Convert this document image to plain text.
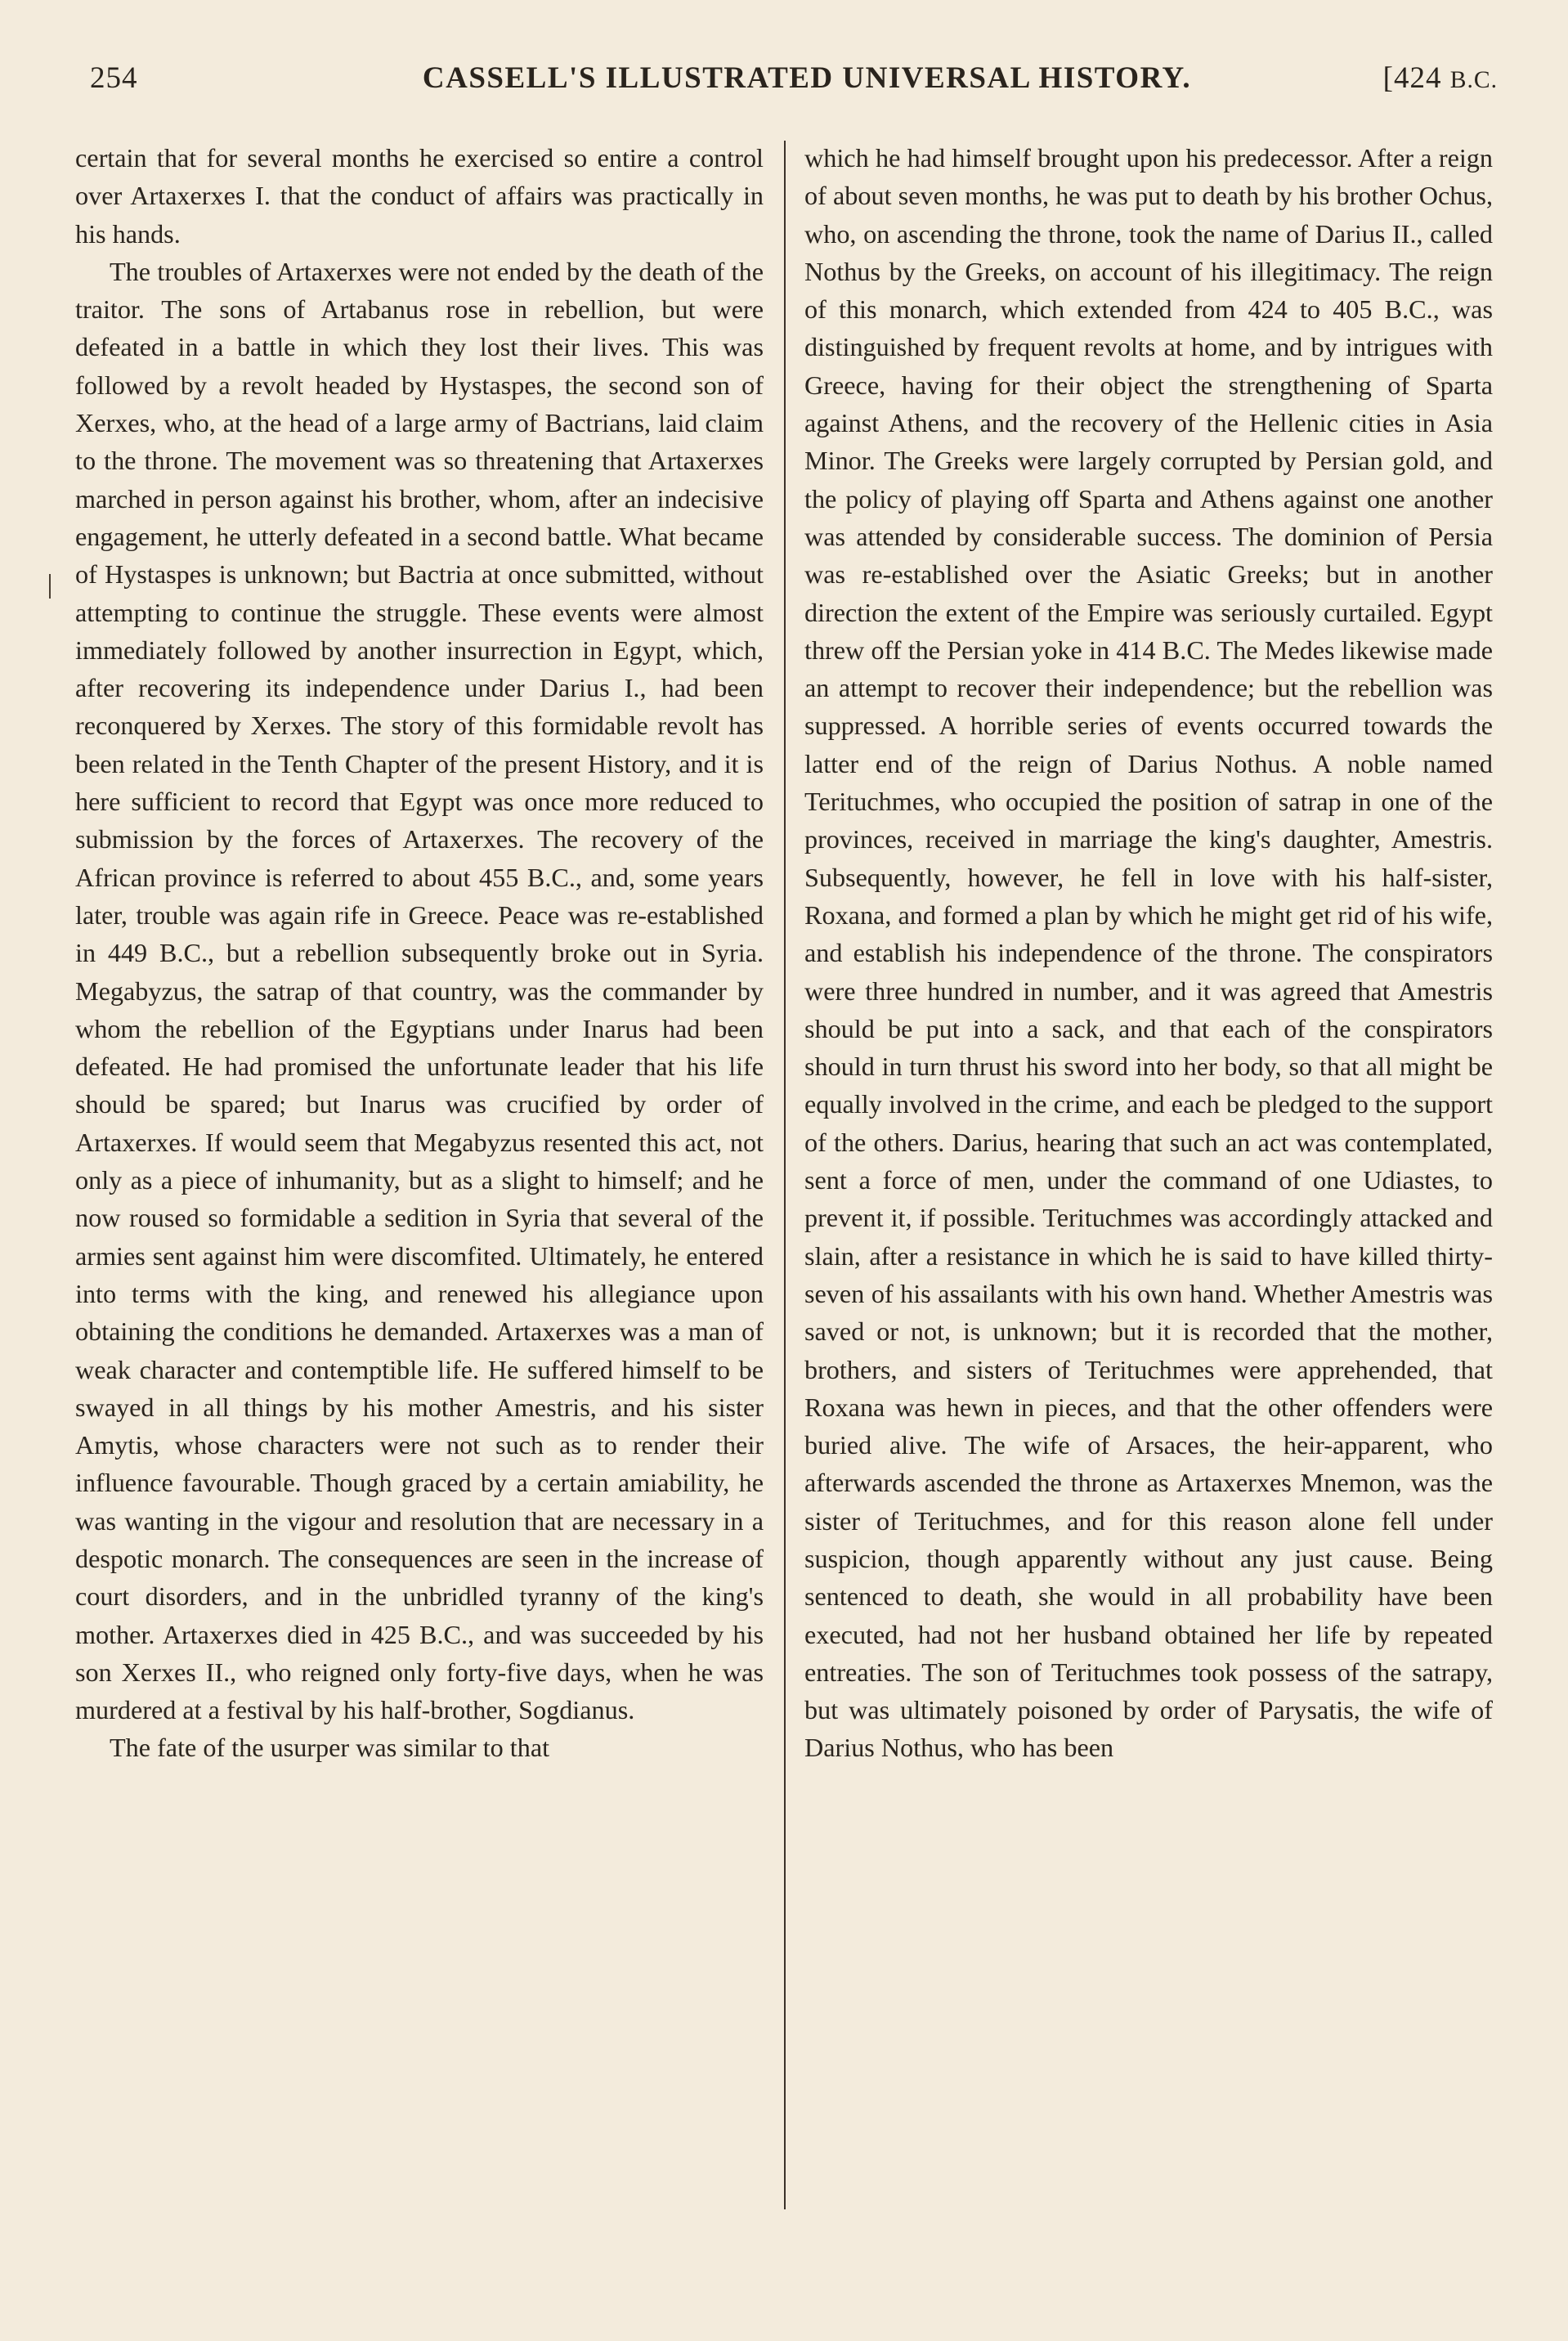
254	CASSELL'S ILLUSTRATED UNIVERSAL HISTORY.	[424 B.C.

certain that for several months he exercised so entire a control over Artaxerxes I. that the conduct of affairs was practically in his hands.

The troubles of Artaxerxes were not ended by the death of the traitor. The sons of Artabanus rose in rebellion, but were defeated in a battle in which they lost their lives. This was followed by a revolt headed by Hystaspes, the second son of Xerxes, who, at the head of a large army of Bactrians, laid claim to the throne. The movement was so threatening that Artaxerxes marched in person against his brother, whom, after an indecisive engagement, he utterly defeated in a second battle. What became of Hystaspes is unknown; but Bactria at once submitted, without attempting to continue the struggle. These events were almost immediately followed by another insurrection in Egypt, which, after recovering its independence under Darius I., had been reconquered by Xerxes. The story of this formidable revolt has been related in the Tenth Chapter of the present History, and it is here sufficient to record that Egypt was once more reduced to submission by the forces of Artaxerxes. The recovery of the African province is referred to about 455 B.C., and, some years later, trouble was again rife in Greece. Peace was re-established in 449 B.C., but a rebellion subsequently broke out in Syria. Megabyzus, the satrap of that country, was the commander by whom the rebellion of the Egyptians under Inarus had been defeated. He had promised the unfortunate leader that his life should be spared; but Inarus was crucified by order of Artaxerxes. If would seem that Megabyzus resented this act, not only as a piece of inhumanity, but as a slight to himself; and he now roused so formidable a sedition in Syria that several of the armies sent against him were discomfited. Ultimately, he entered into terms with the king, and renewed his allegiance upon obtaining the conditions he demanded. Artaxerxes was a man of weak character and contemptible life. He suffered himself to be swayed in all things by his mother Amestris, and his sister Amytis, whose characters were not such as to render their influence favourable. Though graced by a certain amiability, he was wanting in the vigour and resolution that are necessary in a despotic monarch. The consequences are seen in the increase of court disorders, and in the unbridled tyranny of the king's mother. Artaxerxes died in 425 B.C., and was succeeded by his son Xerxes II., who reigned only forty-five days, when he was murdered at a festival by his half-brother, Sogdianus.

The fate of the usurper was similar to that

which he had himself brought upon his predecessor. After a reign of about seven months, he was put to death by his brother Ochus, who, on ascending the throne, took the name of Darius II., called Nothus by the Greeks, on account of his illegitimacy. The reign of this monarch, which extended from 424 to 405 B.C., was distinguished by frequent revolts at home, and by intrigues with Greece, having for their object the strengthening of Sparta against Athens, and the recovery of the Hellenic cities in Asia Minor. The Greeks were largely corrupted by Persian gold, and the policy of playing off Sparta and Athens against one another was attended by considerable success. The dominion of Persia was re-established over the Asiatic Greeks; but in another direction the extent of the Empire was seriously curtailed. Egypt threw off the Persian yoke in 414 B.C. The Medes likewise made an attempt to recover their independence; but the rebellion was suppressed. A horrible series of events occurred towards the latter end of the reign of Darius Nothus. A noble named Terituchmes, who occupied the position of satrap in one of the provinces, received in marriage the king's daughter, Amestris. Subsequently, however, he fell in love with his half-sister, Roxana, and formed a plan by which he might get rid of his wife, and establish his independence of the throne. The conspirators were three hundred in number, and it was agreed that Amestris should be put into a sack, and that each of the conspirators should in turn thrust his sword into her body, so that all might be equally involved in the crime, and each be pledged to the support of the others. Darius, hearing that such an act was contemplated, sent a force of men, under the command of one Udiastes, to prevent it, if possible. Terituchmes was accordingly attacked and slain, after a resistance in which he is said to have killed thirty-seven of his assailants with his own hand. Whether Amestris was saved or not, is unknown; but it is recorded that the mother, brothers, and sisters of Terituchmes were apprehended, that Roxana was hewn in pieces, and that the other offenders were buried alive. The wife of Arsaces, the heir-apparent, who afterwards ascended the throne as Artaxerxes Mnemon, was the sister of Terituchmes, and for this reason alone fell under suspicion, though apparently without any just cause. Being sentenced to death, she would in all probability have been executed, had not her husband obtained her life by repeated entreaties. The son of Terituchmes took possess of the satrapy, but was ultimately poisoned by order of Parysatis, the wife of Darius Nothus, who has been
